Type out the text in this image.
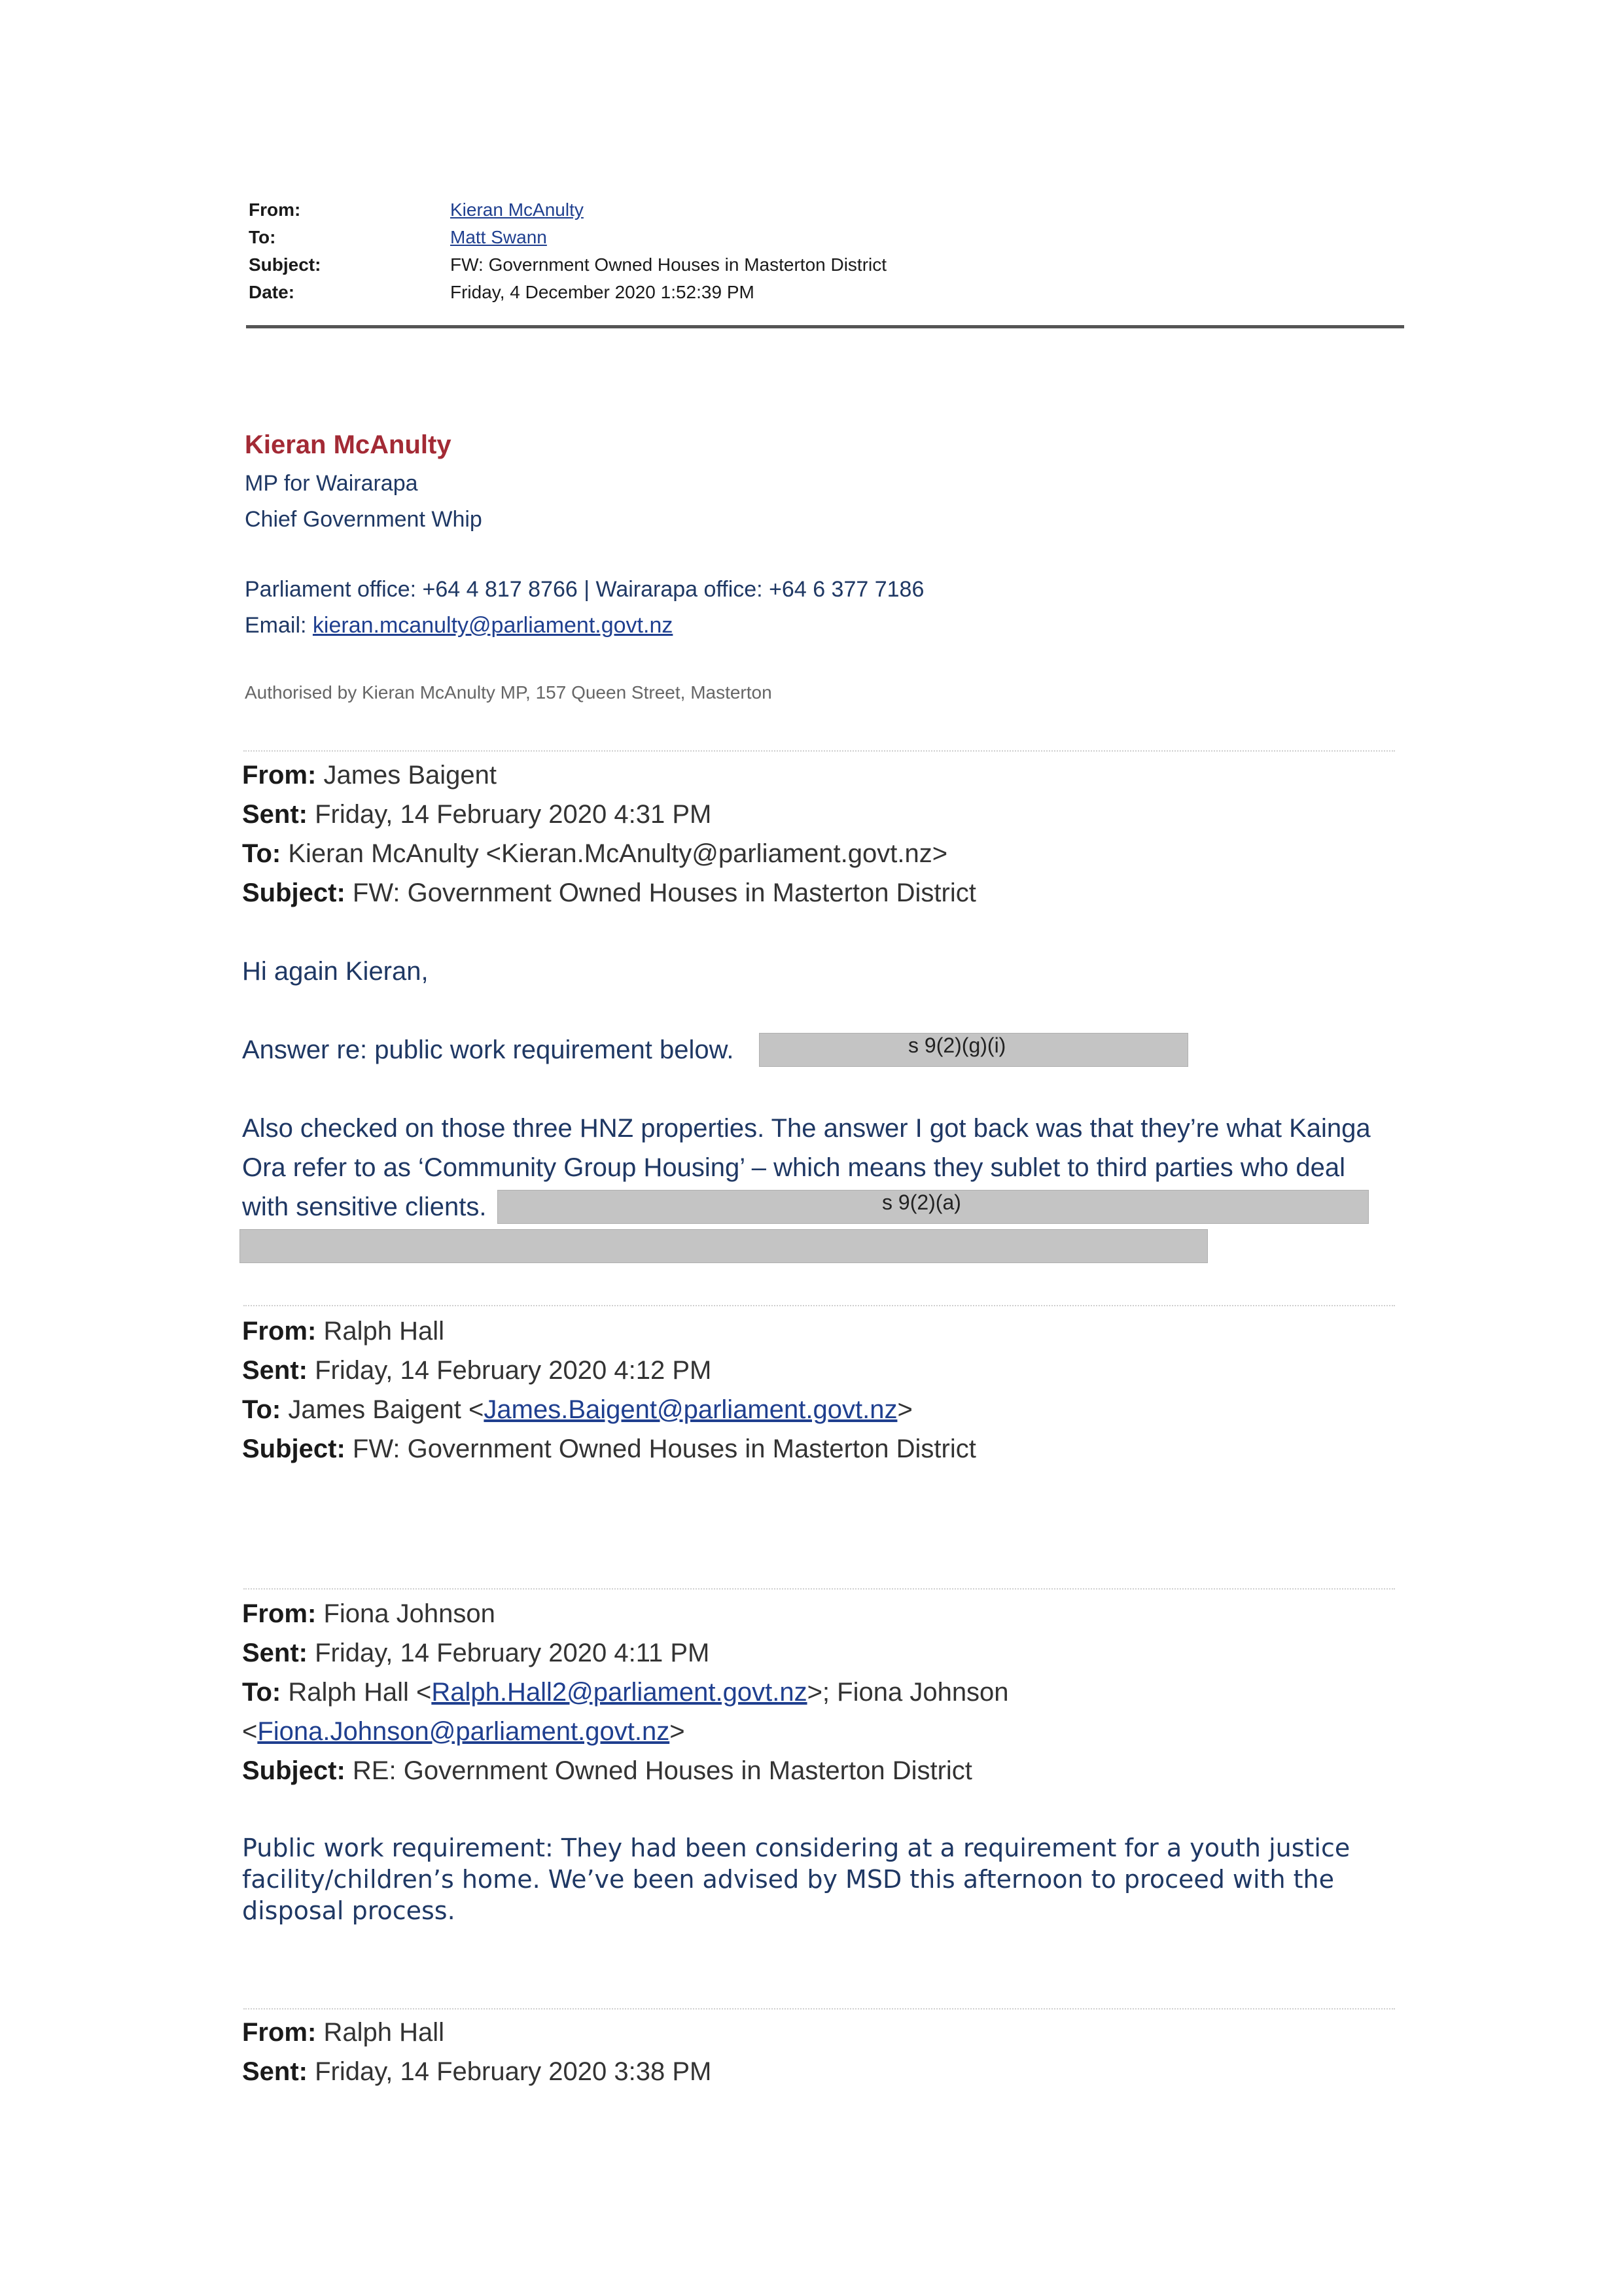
From:	Kieran McAnulty
To:	Matt Swann
Subject:	FW: Government Owned Houses in Masterton District
Date:	Friday, 4 December 2020 1:52:39 PM
Kieran McAnulty
MP for Wairarapa
Chief Government Whip
Parliament office: +64 4 817 8766 | Wairarapa office: +64 6 377 7186
Email: kieran.mcanulty@parliament.govt.nz
Authorised by Kieran McAnulty MP, 157 Queen Street, Masterton
From: James Baigent
Sent: Friday, 14 February 2020 4:31 PM
To: Kieran McAnulty <Kieran.McAnulty@parliament.govt.nz>
Subject: FW: Government Owned Houses in Masterton District
Hi again Kieran,
Answer re: public work requirement below.	s 9(2)(g)(i)
Also checked on those three HNZ properties. The answer I got back was that they’re what Kainga
Ora refer to as ‘Community Group Housing’ – which means they sublet to third parties who deal
with sensitive clients.	s 9(2)(a)
From: Ralph Hall
Sent: Friday, 14 February 2020 4:12 PM
To: James Baigent <James.Baigent@parliament.govt.nz>
Subject: FW: Government Owned Houses in Masterton District
From: Fiona Johnson
Sent: Friday, 14 February 2020 4:11 PM
To: Ralph Hall <Ralph.Hall2@parliament.govt.nz>; Fiona Johnson
<Fiona.Johnson@parliament.govt.nz>
Subject: RE: Government Owned Houses in Masterton District
Public work requirement: They had been considering at a requirement for a youth justice
facility/children’s home. We’ve been advised by MSD this afternoon to proceed with the
disposal process.
From: Ralph Hall
Sent: Friday, 14 February 2020 3:38 PM
